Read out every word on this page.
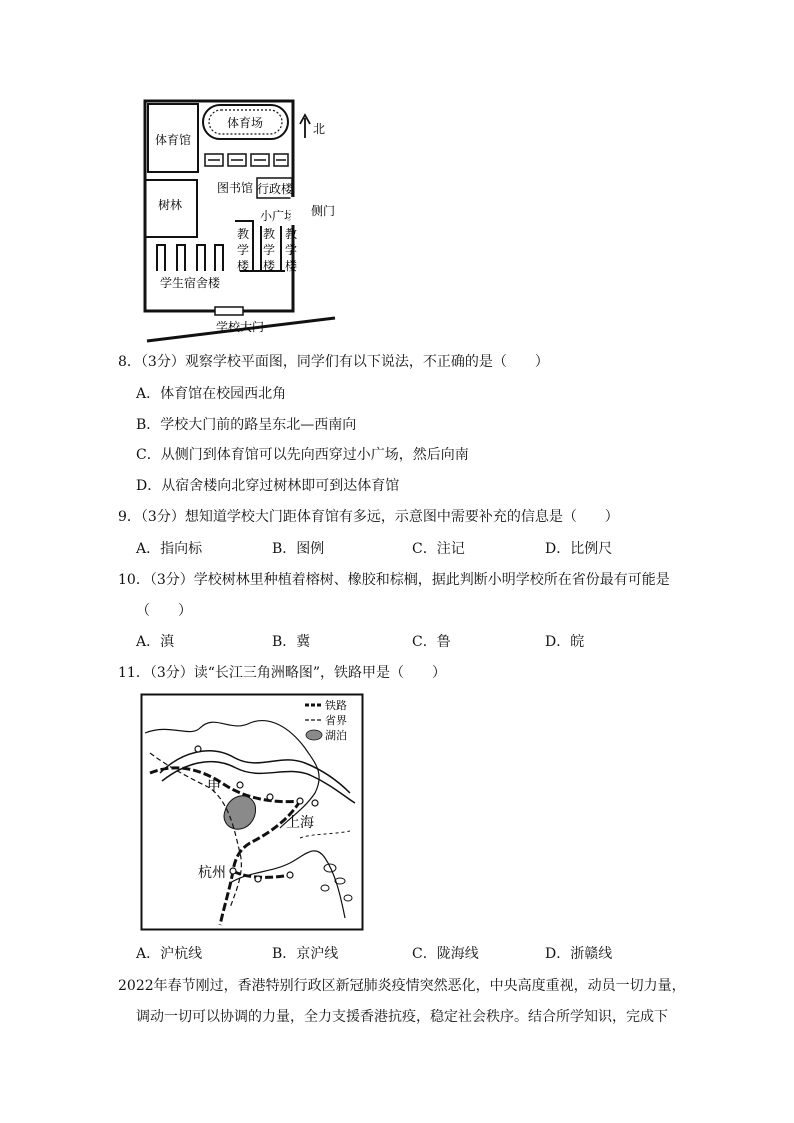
体育馆
体育场
图书馆 行政楼
树林
小广场 侧门
教
学
楼
教
学
楼
教
学
楼
学生宿舍楼
学校大门
北
8．（3分）观察学校平面图，同学们有以下说法，不正确的是（　　）
A．体育馆在校园西北角
B．学校大门前的路呈东北—西南向
C．从侧门到体育馆可以先向西穿过小广场，然后向南
D．从宿舍楼向北穿过树林即可到达体育馆
9．（3分）想知道学校大门距体育馆有多远，示意图中需要补充的信息是（　　）
A．指向标	B．图例	C．注记	D．比例尺
10．（3分）学校树林里种植着榕树、橡胶和棕榈，据此判断小明学校所在省份最有可能是
（　　）
A．滇	B．冀	C．鲁	D．皖
11．（3分）读“长江三角洲略图”，铁路甲是（　　）
甲
上海
杭州
铁路
省界
湖泊
A．沪杭线	B．京沪线	C．陇海线	D．浙赣线
2022年春节刚过，香港特别行政区新冠肺炎疫情突然恶化，中央高度重视，动员一切力量，
调动一切可以协调的力量，全力支援香港抗疫，稳定社会秩序。结合所学知识，完成下
